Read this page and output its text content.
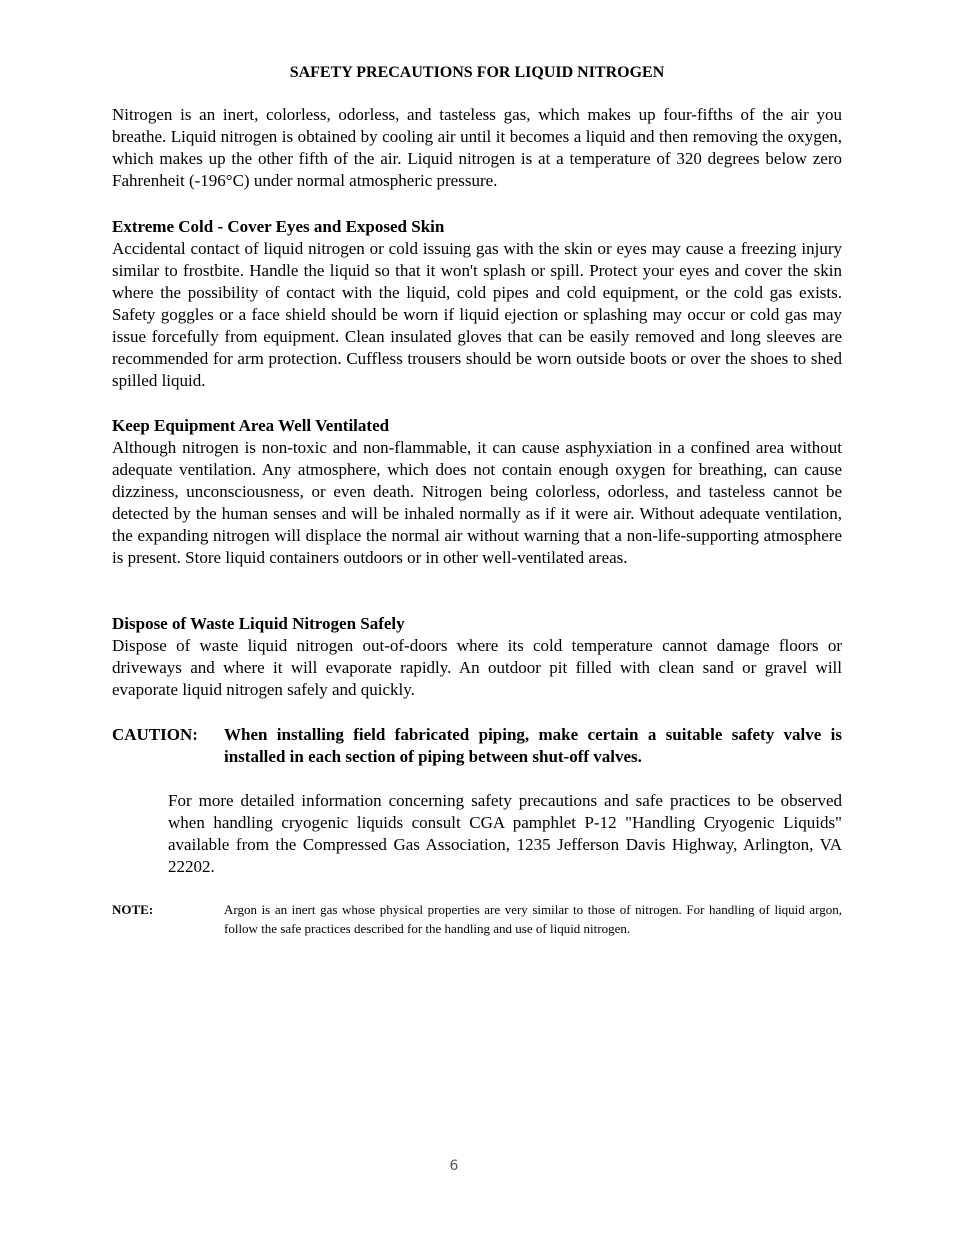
SAFETY PRECAUTIONS FOR LIQUID NITROGEN

Nitrogen is an inert, colorless, odorless, and tasteless gas, which makes up four-fifths of the air you breathe. Liquid nitrogen is obtained by cooling air until it becomes a liquid and then removing the oxygen, which makes up the other fifth of the air. Liquid nitrogen is at a temperature of 320 degrees below zero Fahrenheit (-196°C) under normal atmospheric pressure.

Extreme Cold - Cover Eyes and Exposed Skin

Accidental contact of liquid nitrogen or cold issuing gas with the skin or eyes may cause a freezing injury similar to frostbite. Handle the liquid so that it won't splash or spill. Protect your eyes and cover the skin where the possibility of contact with the liquid, cold pipes and cold equipment, or the cold gas exists. Safety goggles or a face shield should be worn if liquid ejection or splashing may occur or cold gas may issue forcefully from equipment. Clean insulated gloves that can be easily removed and long sleeves are recommended for arm protection. Cuffless trousers should be worn outside boots or over the shoes to shed spilled liquid.

Keep Equipment Area Well Ventilated

Although nitrogen is non-toxic and non-flammable, it can cause asphyxiation in a confined area without adequate ventilation. Any atmosphere, which does not contain enough oxygen for breathing, can cause dizziness, unconsciousness, or even death. Nitrogen being colorless, odorless, and tasteless cannot be detected by the human senses and will be inhaled normally as if it were air. Without adequate ventilation, the expanding nitrogen will displace the normal air without warning that a non-life-supporting atmosphere is present. Store liquid containers outdoors or in other well-ventilated areas.

Dispose of Waste Liquid Nitrogen Safely

Dispose of waste liquid nitrogen out-of-doors where its cold temperature cannot damage floors or driveways and where it will evaporate rapidly. An outdoor pit filled with clean sand or gravel will evaporate liquid nitrogen safely and quickly.

CAUTION: When installing field fabricated piping, make certain a suitable safety valve is installed in each section of piping between shut-off valves.
For more detailed information concerning safety precautions and safe practices to be observed when handling cryogenic liquids consult CGA pamphlet P-12 "Handling Cryogenic Liquids" available from the Compressed Gas Association, 1235 Jefferson Davis Highway, Arlington, VA 22202.
NOTE:	Argon is an inert gas whose physical properties are very similar to those of nitrogen. For handling of liquid argon, follow the safe practices described for the handling and use of liquid nitrogen.
6
